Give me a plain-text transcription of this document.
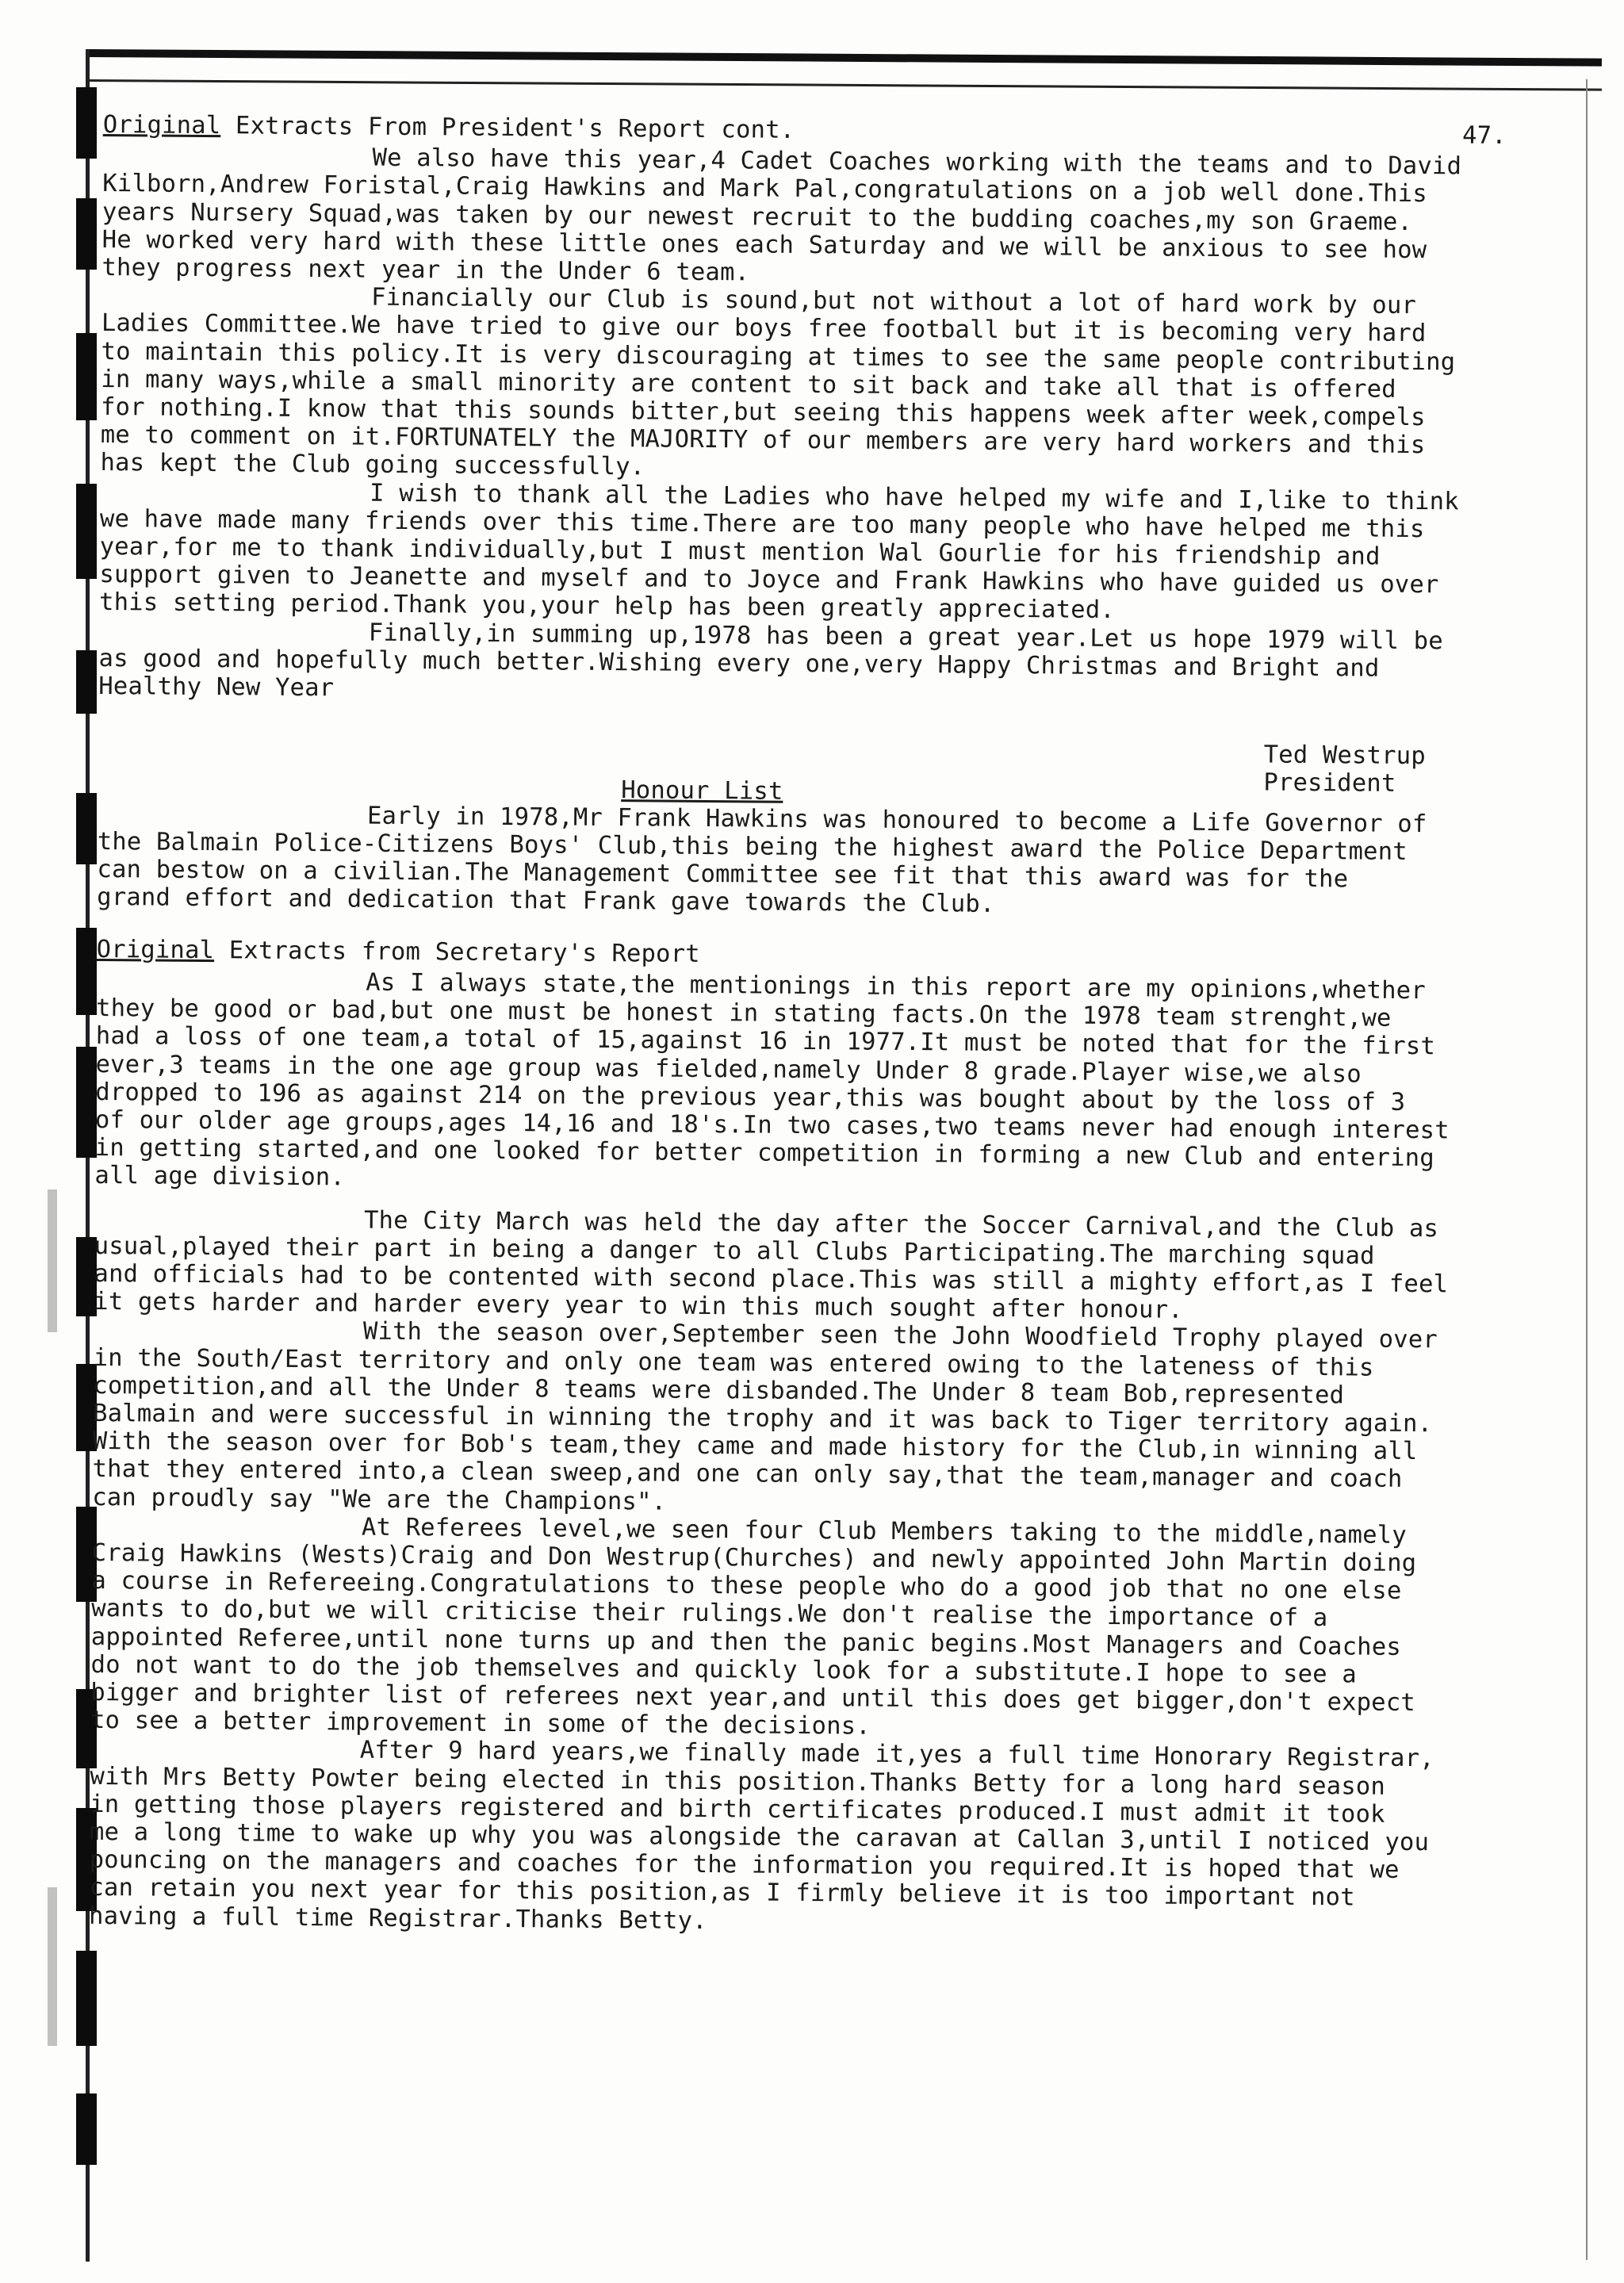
Original Extracts From President's Report cont.	47.

We also have this year,4 Cadet Coaches working with the teams and to David
Kilborn,Andrew Foristal,Craig Hawkins and Mark Pal,congratulations on a job well done.This
years Nursery Squad,was taken by our newest recruit to the budding coaches,my son Graeme.
He worked very hard with these little ones each Saturday and we will be anxious to see how
they progress next year in the Under 6 team.

Financially our Club is sound,but not without a lot of hard work by our
Ladies Committee.We have tried to give our boys free football but it is becoming very hard
to maintain this policy.It is very discouraging at times to see the same people contributing
in many ways,while a small minority are content to sit back and take all that is offered
for nothing.I know that this sounds bitter,but seeing this happens week after week,compels
me to comment on it.FORTUNATELY the MAJORITY of our members are very hard workers and this
has kept the Club going successfully.

I wish to thank all the Ladies who have helped my wife and I,like to think
we have made many friends over this time.There are too many people who have helped me this
year,for me to thank individually,but I must mention Wal Gourlie for his friendship and
support given to Jeanette and myself and to Joyce and Frank Hawkins who have guided us over
this setting period.Thank you,your help has been greatly appreciated.

Finally,in summing up,1978 has been a great year.Let us hope 1979 will be
as good and hopefully much better.Wishing every one,very Happy Christmas and Bright and
Healthy New Year

Ted Westrup

President

Honour List

Early in 1978,Mr Frank Hawkins was honoured to become a Life Governor of
the Balmain Police-Citizens Boys' Club,this being the highest award the Police Department
can bestow on a civilian.The Management Committee see fit that this award was for the
grand effort and dedication that Frank gave towards the Club.

Original Extracts from Secretary's Report

As I always state,the mentionings in this report are my opinions,whether
they be good or bad,but one must be honest in stating facts.On the 1978 team strenght,we
had a loss of one team,a total of 15,against 16 in 1977.It must be noted that for the first
ever,3 teams in the one age group was fielded,namely Under 8 grade.Player wise,we also
dropped to 196 as against 214 on the previous year,this was bought about by the loss of 3
of our older age groups,ages 14,16 and 18's.In two cases,two teams never had enough interest
in getting started,and one looked for better competition in forming a new Club and entering
all age division.

The City March was held the day after the Soccer Carnival,and the Club as
usual,played their part in being a danger to all Clubs Participating.The marching squad
and officials had to be contented with second place.This was still a mighty effort,as I feel
it gets harder and harder every year to win this much sought after honour.

With the season over,September seen the John Woodfield Trophy played over
in the South/East territory and only one team was entered owing to the lateness of this
competition,and all the Under 8 teams were disbanded.The Under 8 team Bob,represented
Balmain and were successful in winning the trophy and it was back to Tiger territory again.
With the season over for Bob's team,they came and made history for the Club,in winning all
that they entered into,a clean sweep,and one can only say,that the team,manager and coach
can proudly say "We are the Champions".

At Referees level,we seen four Club Members taking to the middle,namely
Craig Hawkins (Wests)Craig and Don Westrup(Churches) and newly appointed John Martin doing
a course in Refereeing.Congratulations to these people who do a good job that no one else
wants to do,but we will criticise their rulings.We don't realise the importance of a
appointed Referee,until none turns up and then the panic begins.Most Managers and Coaches
do not want to do the job themselves and quickly look for a substitute.I hope to see a
bigger and brighter list of referees next year,and until this does get bigger,don't expect
to see a better improvement in some of the decisions.

After 9 hard years,we finally made it,yes a full time Honorary Registrar,
with Mrs Betty Powter being elected in this position.Thanks Betty for a long hard season
in getting those players registered and birth certificates produced.I must admit it took
me a long time to wake up why you was alongside the caravan at Callan 3,until I noticed you
pouncing on the managers and coaches for the information you required.It is hoped that we
can retain you next year for this position,as I firmly believe it is too important not
having a full time Registrar.Thanks Betty.
